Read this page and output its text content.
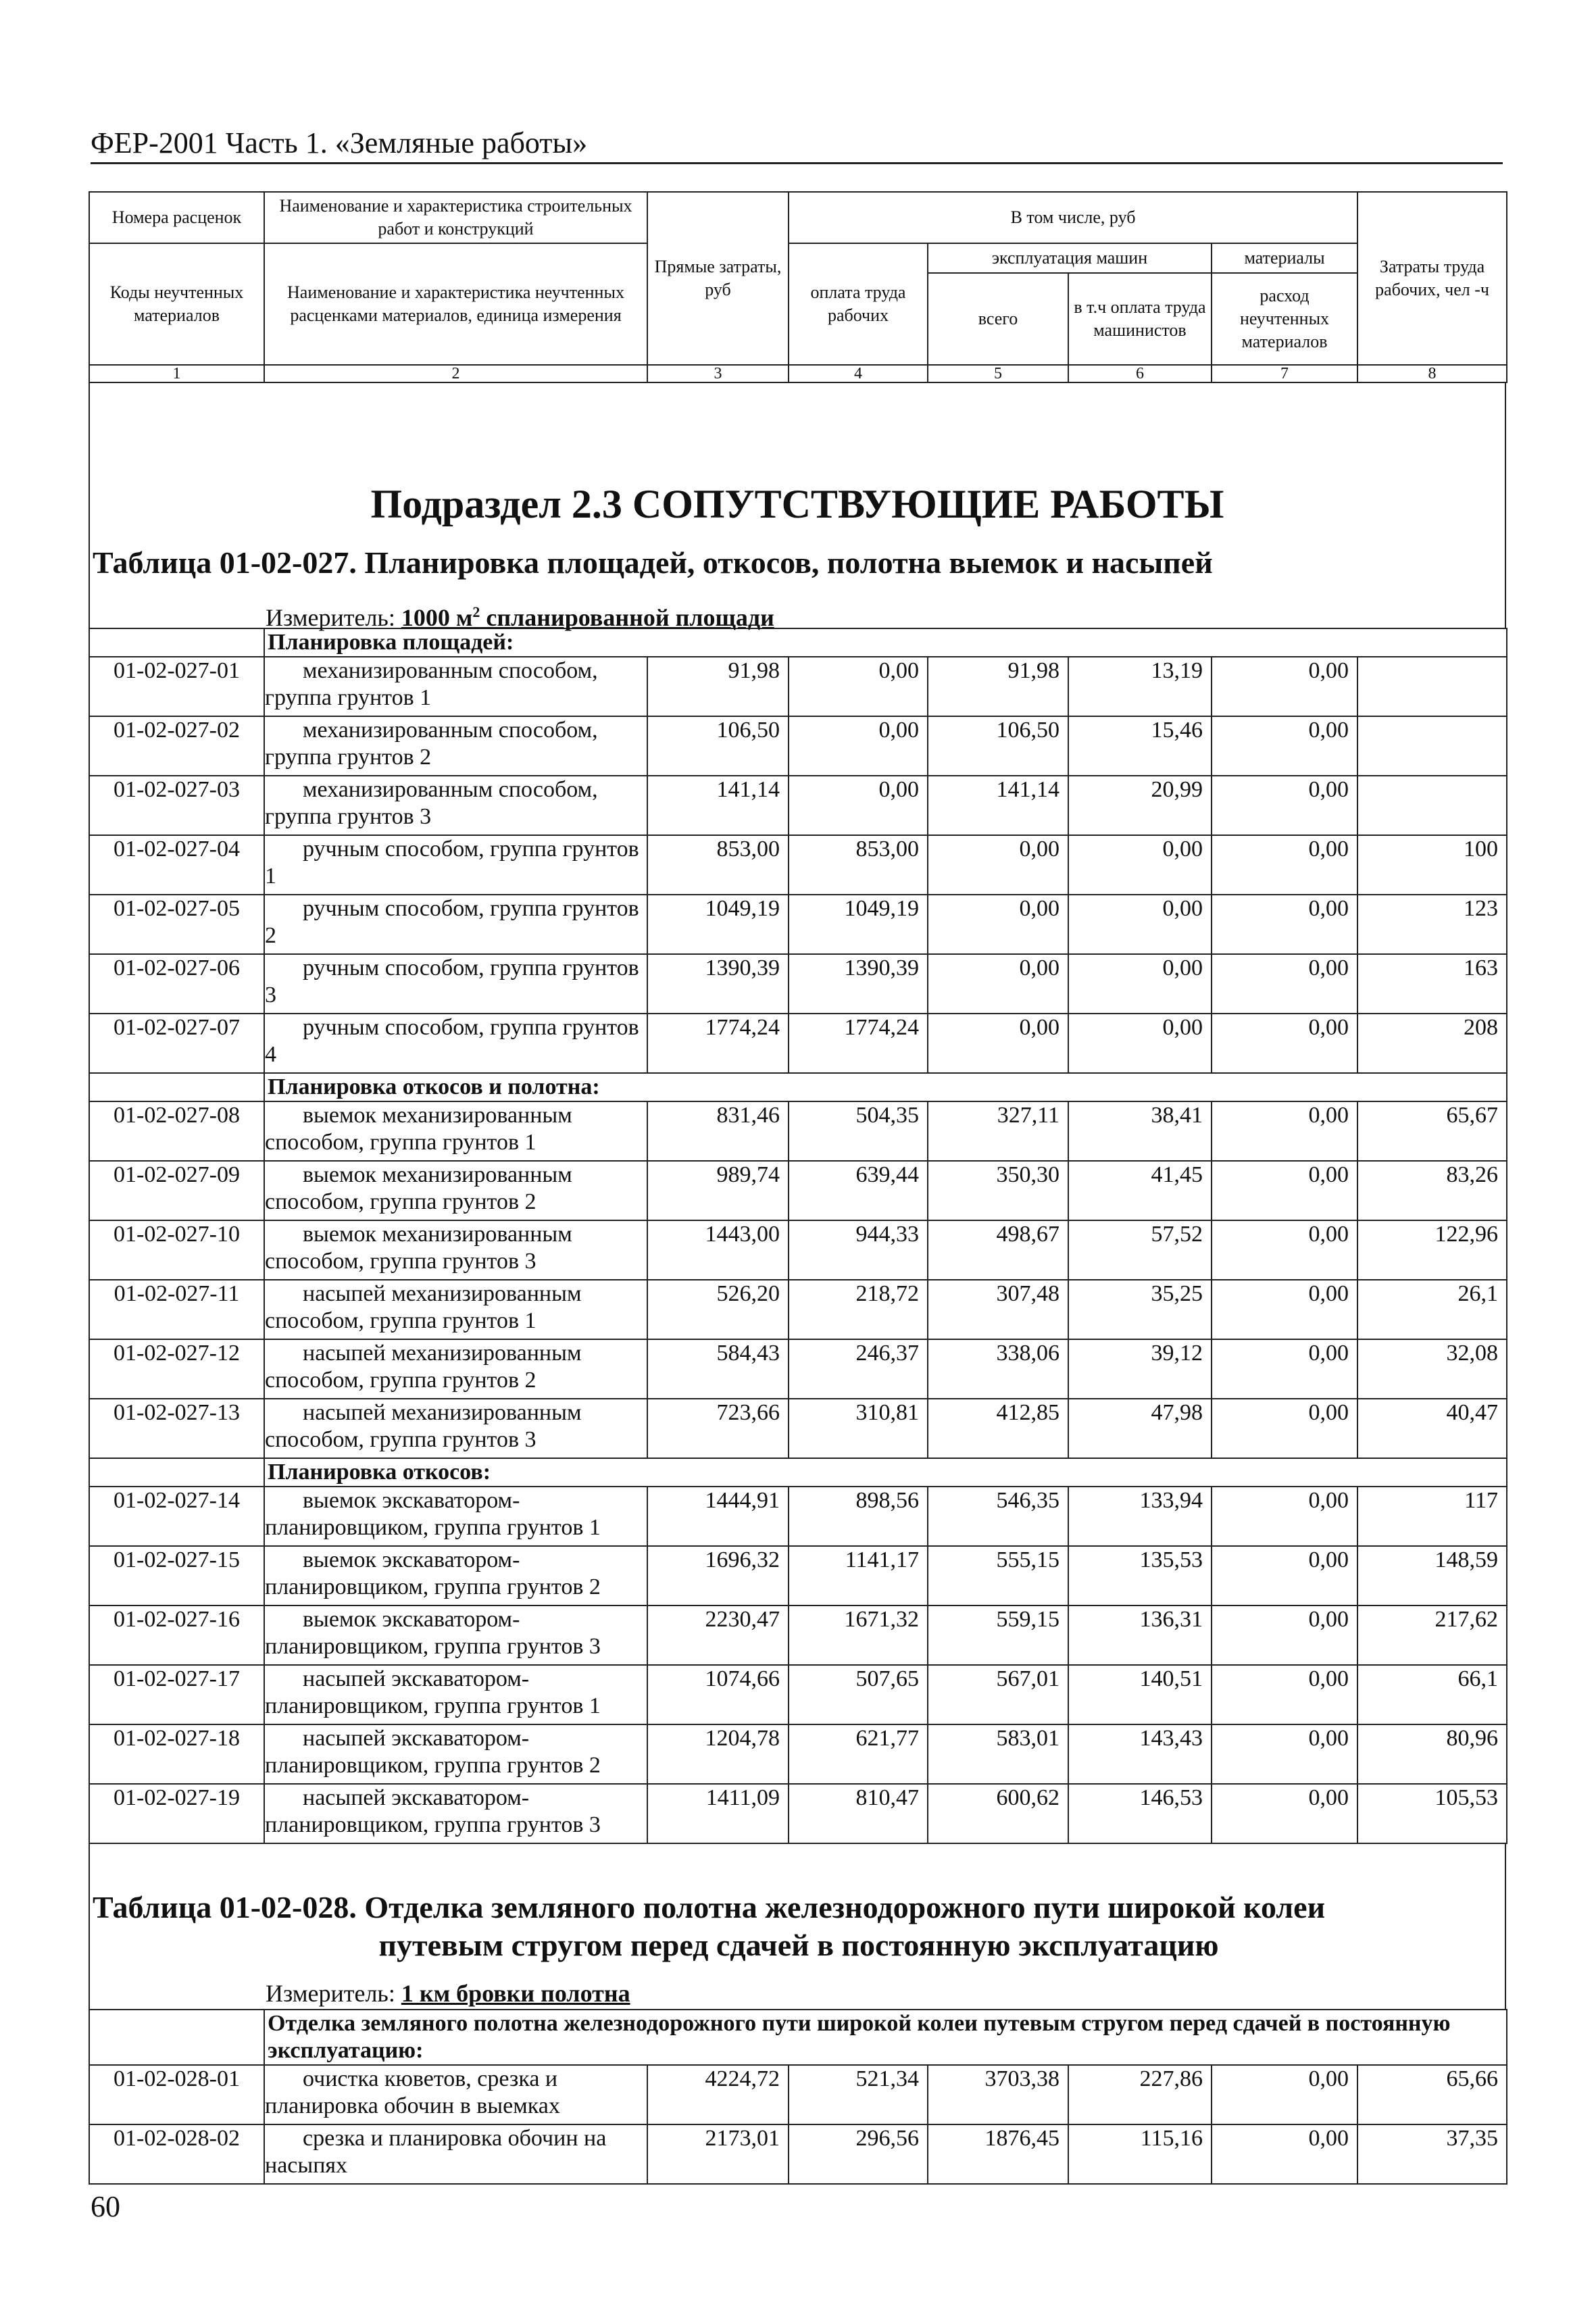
ФЕР-2001 Часть 1. «Земляные работы»
Номера расценок	Наименование и характеристика строительных работ и конструкций	Прямые затраты, руб	В том числе, руб				Затраты труда рабочих, чел -ч
Коды неучтенных материалов	Наименование и характеристика неучтенных расценками материалов, единица измерения		оплата труда рабочих	эксплуатация машин		материалы	
				всего	в т.ч оплата труда машинистов	расход неучтенных материалов	
1	2	3	4	5	6	7	8
Подраздел 2.3 СОПУТСТВУЮЩИЕ РАБОТЫ
Таблица 01-02-027. Планировка площадей, откосов, полотна выемок и насыпей
Измеритель: 1000 $м^2$ спланированной площади
	Планировка площадей:						
01-02-027-01	механизированным способом, группа грунтов 1	91,98	0,00	91,98	13,19	0,00	
01-02-027-02	механизированным способом, группа грунтов 2	106,50	0,00	106,50	15,46	0,00	
01-02-027-03	механизированным способом, группа грунтов 3	141,14	0,00	141,14	20,99	0,00	
01-02-027-04	ручным способом, группа грунтов 1	853,00	853,00	0,00	0,00	0,00	100
01-02-027-05	ручным способом, группа грунтов 2	1049,19	1049,19	0,00	0,00	0,00	123
01-02-027-06	ручным способом, группа грунтов 3	1390,39	1390,39	0,00	0,00	0,00	163
01-02-027-07	ручным способом, группа грунтов 4	1774,24	1774,24	0,00	0,00	0,00	208
	Планировка откосов и полотна:						
01-02-027-08	выемок механизированным способом, группа грунтов 1	831,46	504,35	327,11	38,41	0,00	65,67
01-02-027-09	выемок механизированным способом, группа грунтов 2	989,74	639,44	350,30	41,45	0,00	83,26
01-02-027-10	выемок механизированным способом, группа грунтов 3	1443,00	944,33	498,67	57,52	0,00	122,96
01-02-027-11	насыпей механизированным способом, группа грунтов 1	526,20	218,72	307,48	35,25	0,00	26,1
01-02-027-12	насыпей механизированным способом, группа грунтов 2	584,43	246,37	338,06	39,12	0,00	32,08
01-02-027-13	насыпей механизированным способом, группа грунтов 3	723,66	310,81	412,85	47,98	0,00	40,47
	Планировка откосов:						
01-02-027-14	выемок экскаватором-планировщиком, группа грунтов 1	1444,91	898,56	546,35	133,94	0,00	117
01-02-027-15	выемок экскаватором-планировщиком, группа грунтов 2	1696,32	1141,17	555,15	135,53	0,00	148,59
01-02-027-16	выемок экскаватором-планировщиком, группа грунтов 3	2230,47	1671,32	559,15	136,31	0,00	217,62
01-02-027-17	насыпей экскаватором-планировщиком, группа грунтов 1	1074,66	507,65	567,01	140,51	0,00	66,1
01-02-027-18	насыпей экскаватором-планировщиком, группа грунтов 2	1204,78	621,77	583,01	143,43	0,00	80,96
01-02-027-19	насыпей экскаватором-планировщиком, группа грунтов 3	1411,09	810,47	600,62	146,53	0,00	105,53
Таблица 01-02-028. Отделка земляного полотна железнодорожного пути широкой колеи
путевым стругом перед сдачей в постоянную эксплуатацию
Измеритель: 1 км бровки полотна
	Отделка земляного полотна железнодорожного пути широкой колеи путевым стругом перед сдачей в постоянную эксплуатацию:						
01-02-028-01	очистка кюветов, срезка и планировка обочин в выемках	4224,72	521,34	3703,38	227,86	0,00	65,66
01-02-028-02	срезка и планировка обочин на насыпях	2173,01	296,56	1876,45	115,16	0,00	37,35
60
